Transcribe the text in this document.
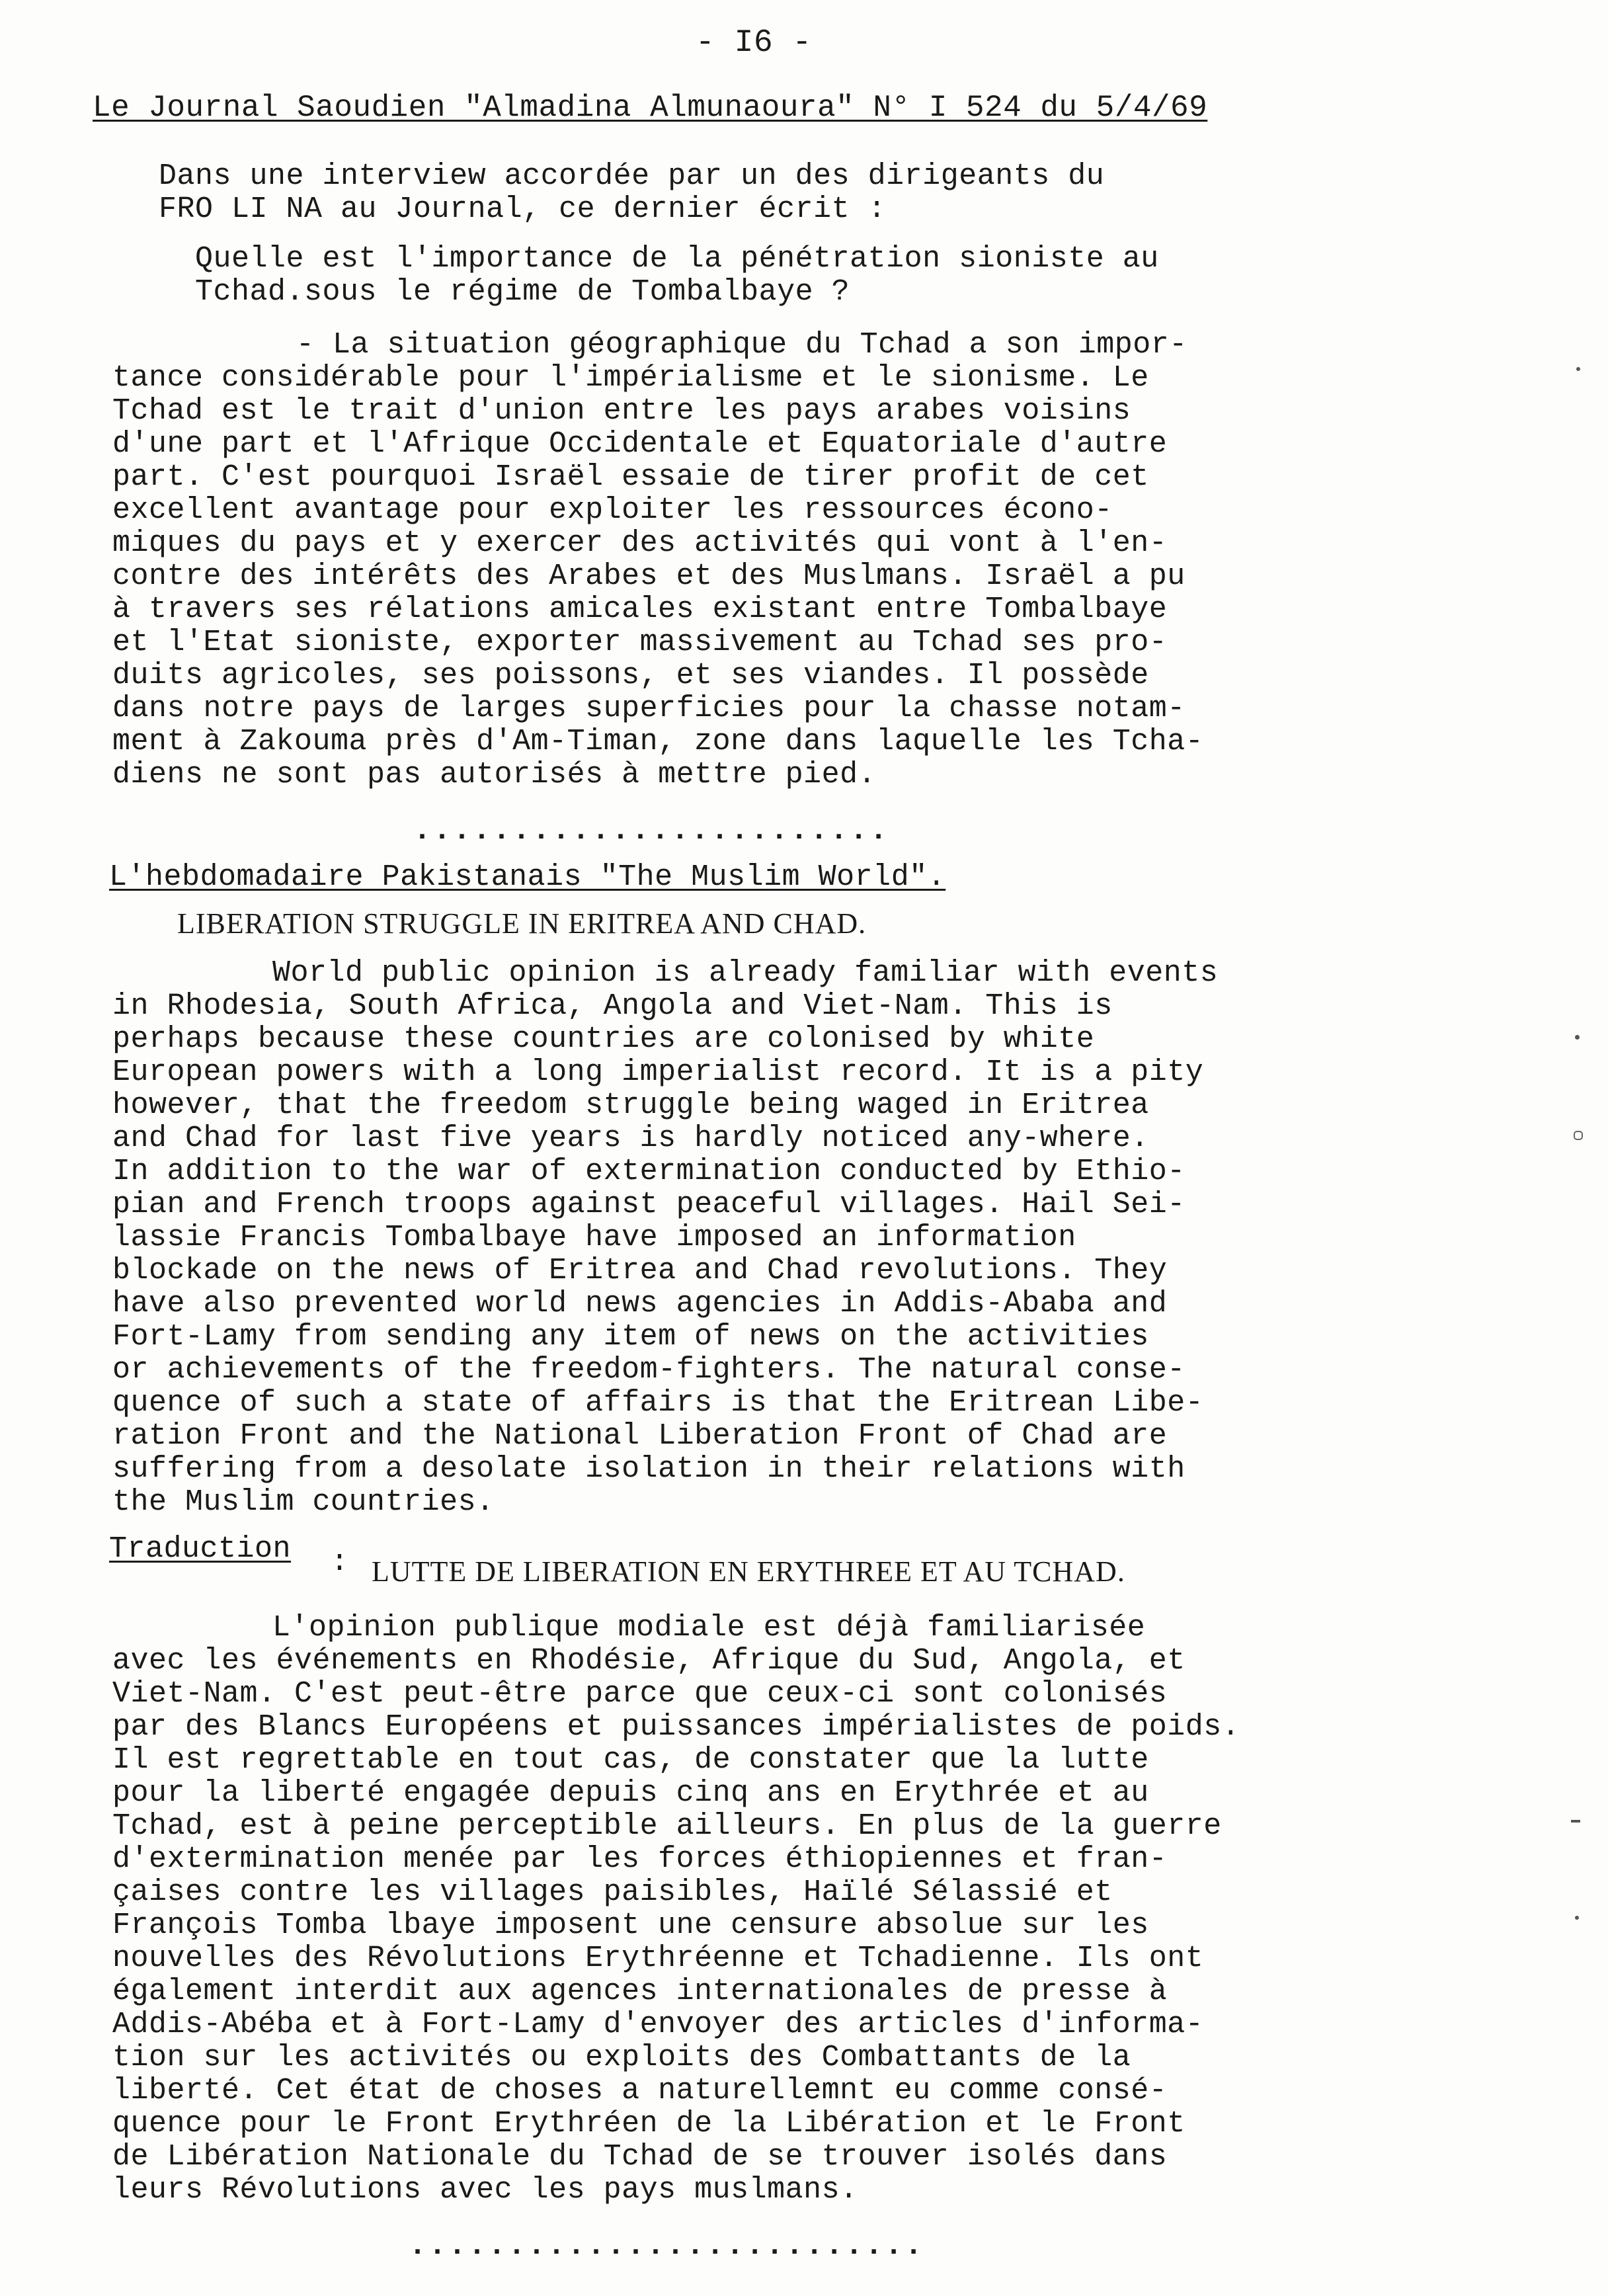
- I6 -
Le Journal Saoudien "Almadina Almunaoura" N° I 524 du 5/4/69
Dans une interview accordée par un des dirigeants du
FRO LI NA au Journal, ce dernier écrit :
Quelle est l'importance de la pénétration sioniste au
Tchad.sous le régime de Tombalbaye ?
- La situation géographique du Tchad a son impor-
tance considérable pour l'impérialisme et le sionisme. Le
Tchad est le trait d'union entre les pays arabes voisins
d'une part et l'Afrique Occidentale et Equatoriale d'autre
part. C'est pourquoi Israël essaie de tirer profit de cet
excellent avantage pour exploiter les ressources écono-
miques du pays et y exercer des activités qui vont à l'en-
contre des intérêts des Arabes et des Muslmans. Israël a pu
à travers ses rélations amicales existant entre Tombalbaye
et l'Etat sioniste, exporter massivement au Tchad ses pro-
duits agricoles, ses poissons, et ses viandes. Il possède
dans notre pays de larges superficies pour la chasse notam-
ment à Zakouma près d'Am-Timan, zone dans laquelle les Tcha-
diens ne sont pas autorisés à mettre pied.
........................
L'hebdomadaire Pakistanais "The Muslim World".
LIBERATION STRUGGLE IN ERITREA AND CHAD.
World public opinion is already familiar with events
in Rhodesia, South Africa, Angola and Viet-Nam. This is
perhaps because these countries are colonised by white
European powers with a long imperialist record. It is a pity
however, that the freedom struggle being waged in Eritrea
and Chad for last five years is hardly noticed any-where.
In addition to the war of extermination conducted by Ethio-
pian and French troops against peaceful villages. Hail Sei-
lassie Francis Tombalbaye have imposed an information
blockade on the news of Eritrea and Chad revolutions. They
have also prevented world news agencies in Addis-Ababa and
Fort-Lamy from sending any item of news on the activities
or achievements of the freedom-fighters. The natural conse-
quence of such a state of affairs is that the Eritrean Libe-
ration Front and the National Liberation Front of Chad are
suffering from a desolate isolation in their relations with
the Muslim countries.
Traduction : LUTTE DE LIBERATION EN ERYTHREE ET AU TCHAD.
L'opinion publique modiale est déjà familiarisée
avec les événements en Rhodésie, Afrique du Sud, Angola, et
Viet-Nam. C'est peut-être parce que ceux-ci sont colonisés
par des Blancs Européens et puissances impérialistes de poids.
Il est regrettable en tout cas, de constater que la lutte
pour la liberté engagée depuis cinq ans en Erythrée et au
Tchad, est à peine perceptible ailleurs. En plus de la guerre
d'extermination menée par les forces éthiopiennes et fran-
çaises contre les villages paisibles, Haïlé Sélassié et
François Tomba lbaye imposent une censure absolue sur les
nouvelles des Révolutions Erythréenne et Tchadienne. Ils ont
également interdit aux agences internationales de presse à
Addis-Abéba et à Fort-Lamy d'envoyer des articles d'informa-
tion sur les activités ou exploits des Combattants de la
liberté. Cet état de choses a naturellemnt eu comme consé-
quence pour le Front Erythréen de la Libération et le Front
de Libération Nationale du Tchad de se trouver isolés dans
leurs Révolutions avec les pays muslmans.
..........................
